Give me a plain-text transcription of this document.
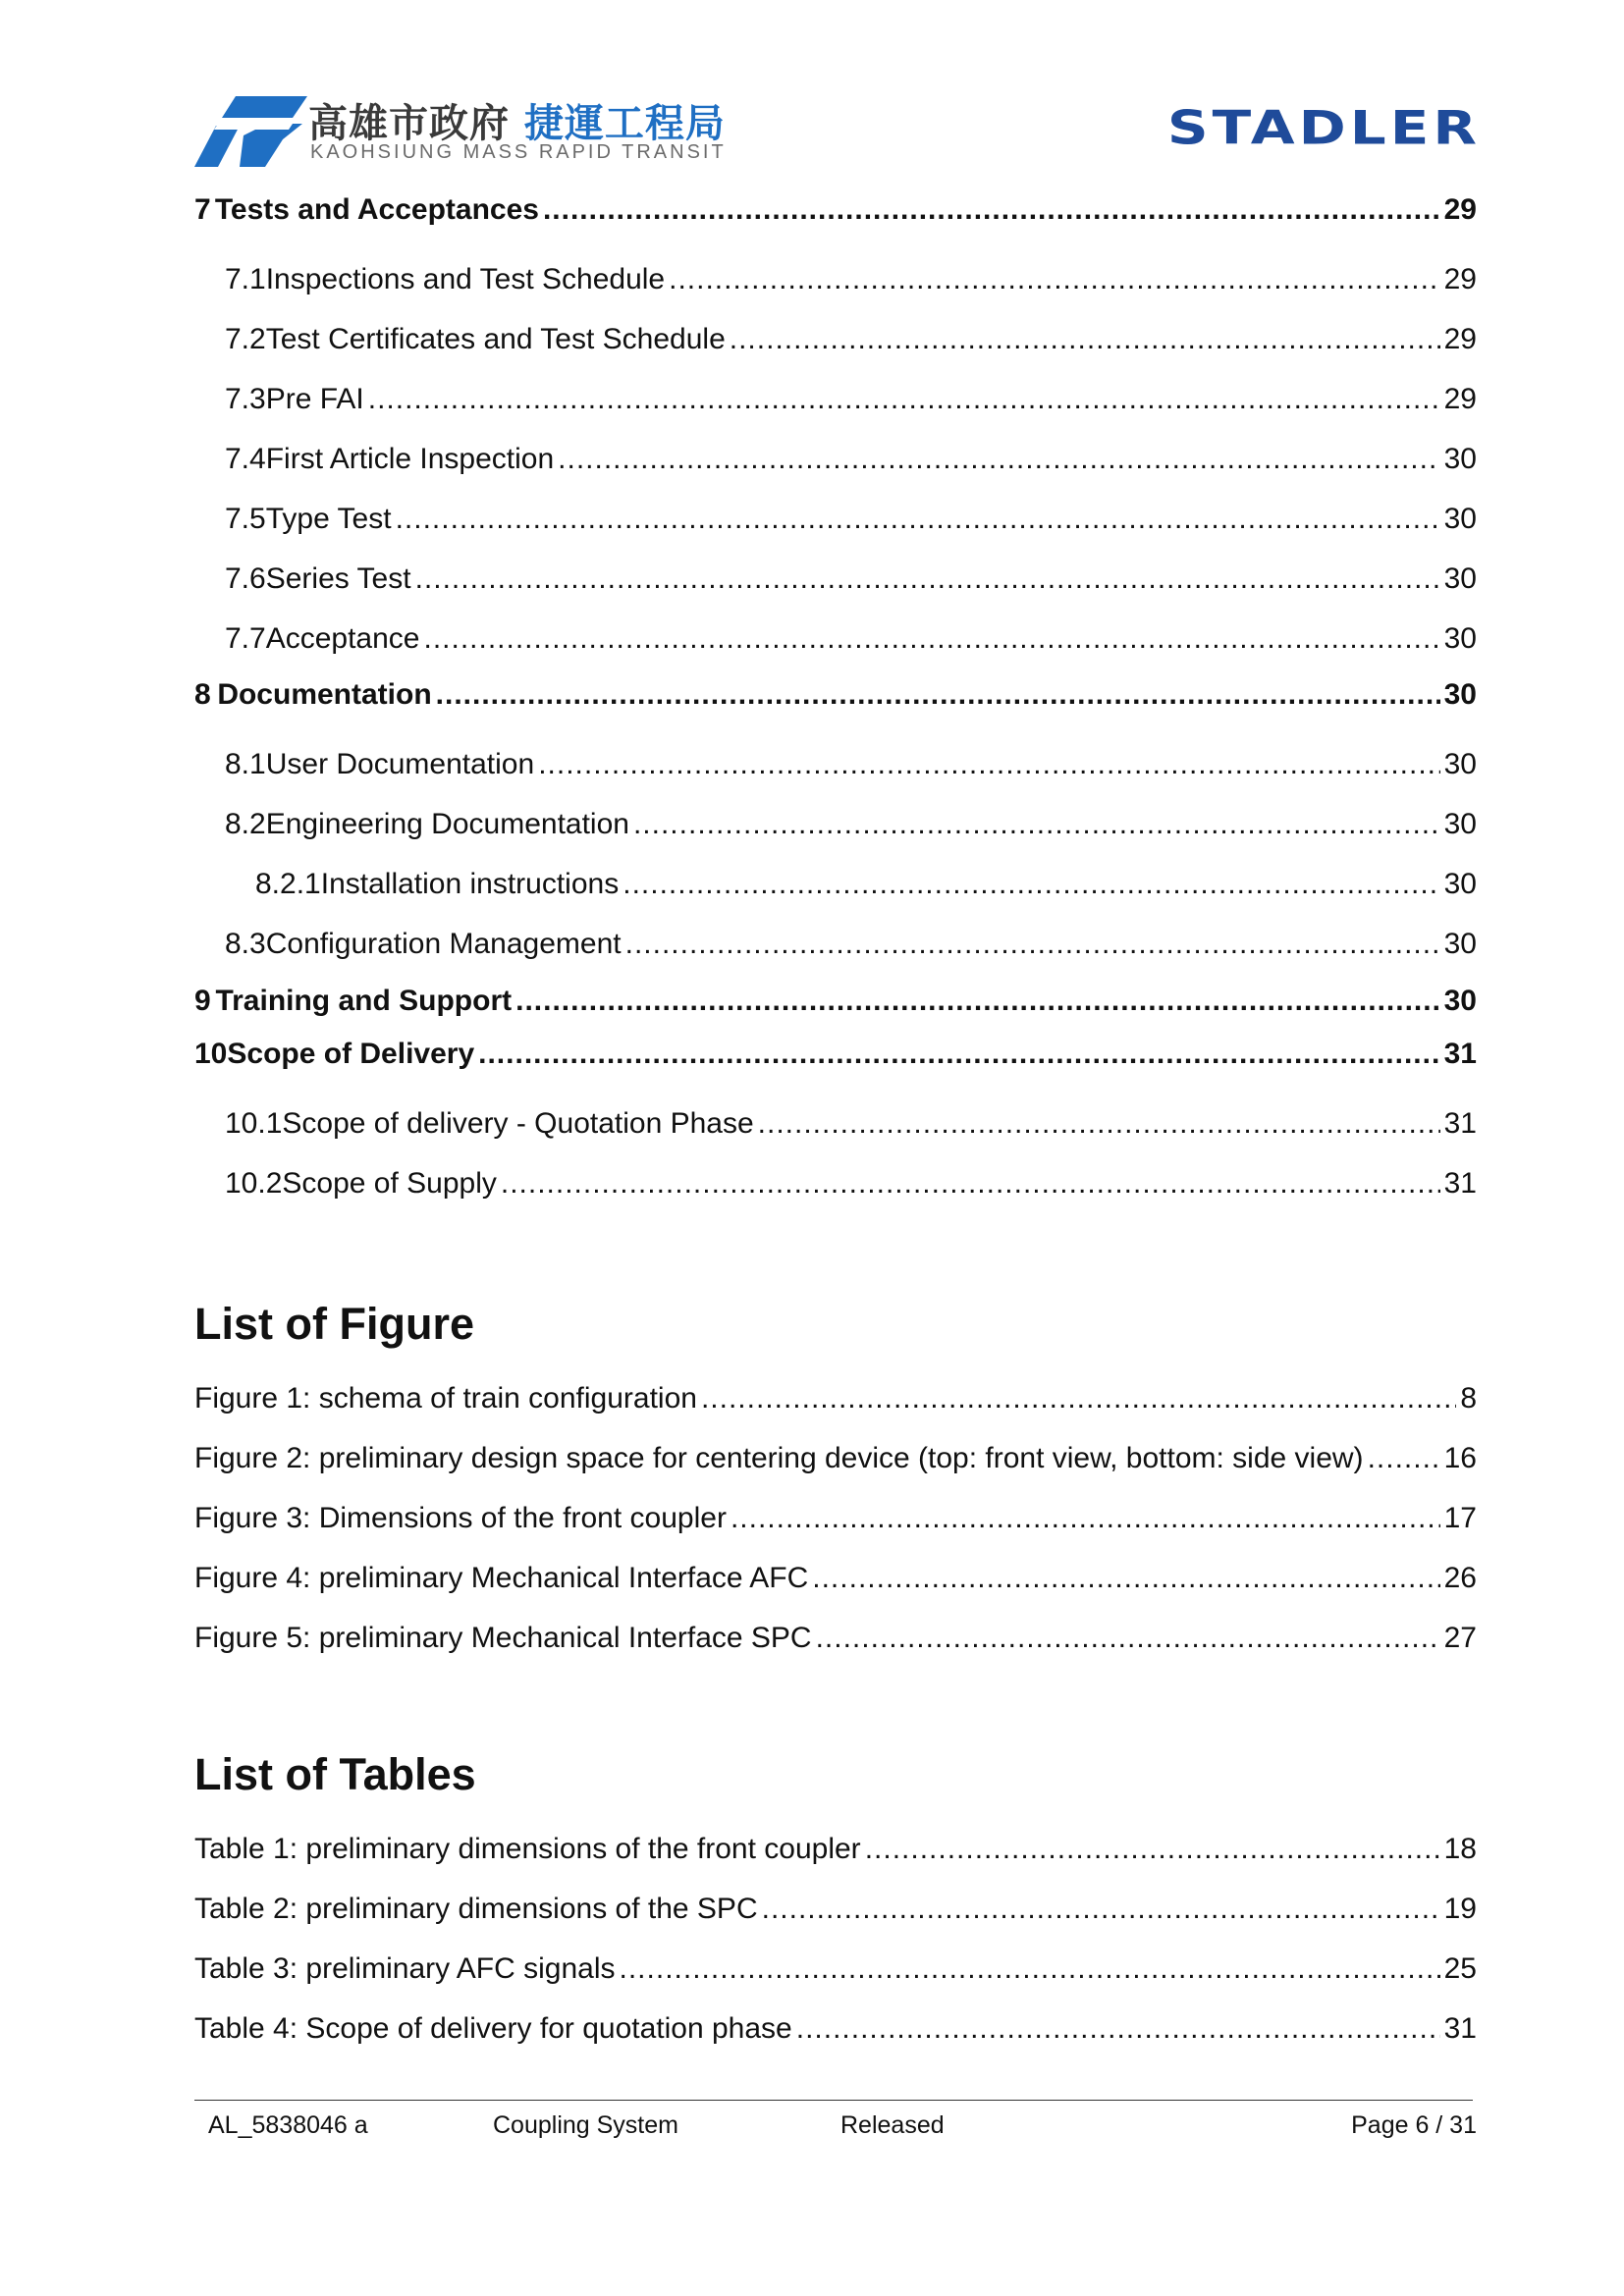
高雄市政府 捷運工程局
KAOHSIUNG MASS RAPID TRANSIT	STADLER
7 Tests and Acceptances .....	29
7.1 Inspections and Test Schedule .....	29
7.2 Test Certificates and Test Schedule .....	29
7.3 Pre FAI .....	29
7.4 First Article Inspection .....	30
7.5 Type Test .....	30
7.6 Series Test .....	30
7.7 Acceptance .....	30
8 Documentation .....	30
8.1 User Documentation .....	30
8.2 Engineering Documentation .....	30
8.2.1 Installation instructions .....	30
8.3 Configuration Management .....	30
9 Training and Support .....	30
10 Scope of Delivery .....	31
10.1 Scope of delivery - Quotation Phase .....	31
10.2 Scope of Supply .....	31
List of Figure
Figure 1: schema of train configuration .....	8
Figure 2: preliminary design space for centering device (top: front view, bottom: side view) .....	16
Figure 3: Dimensions of the front coupler .....	17
Figure 4: preliminary Mechanical Interface AFC .....	26
Figure 5: preliminary Mechanical Interface SPC .....	27
List of Tables
Table 1: preliminary dimensions of the front coupler .....	18
Table 2: preliminary dimensions of the SPC .....	19
Table 3: preliminary AFC signals .....	25
Table 4: Scope of delivery for quotation phase .....	31
AL_5838046 a	Coupling System	Released	Page 6 / 31
